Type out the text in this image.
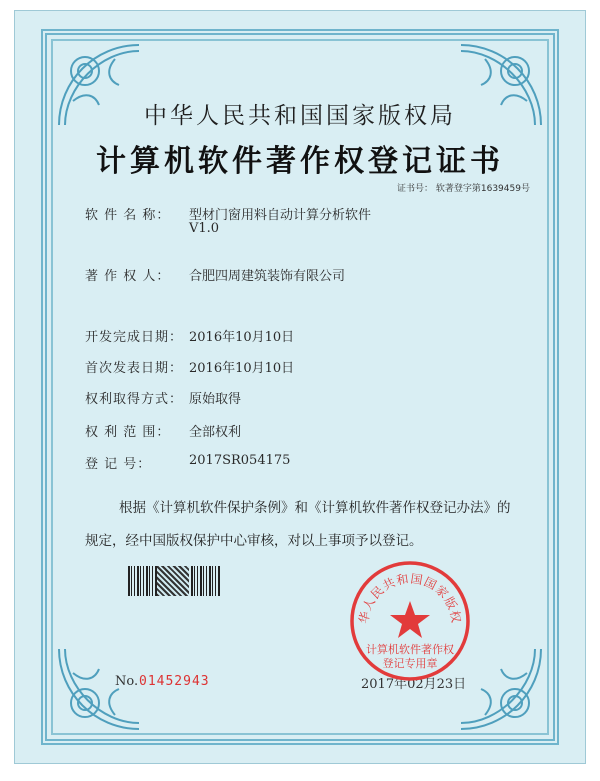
中华人民共和国国家版权局
计算机软件著作权登记证书
证书号： 软著登字第1639459号
软 件 名 称： 型材门窗用料自动计算分析软件
V1.0
著 作 权 人： 合肥四周建筑装饰有限公司
开发完成日期： 2016年10月10日
首次发表日期： 2016年10月10日
权利取得方式： 原始取得
权 利 范 围： 全部权利
登 记 号：	2017SR054175
根据《计算机软件保护条例》和《计算机软件著作权登记办法》的
规定，经中国版权保护中心审核，对以上事项予以登记。
No. 01452943	2017年02月23日
华人民共和国国家版权
计算机软件著作权
登记专用章
